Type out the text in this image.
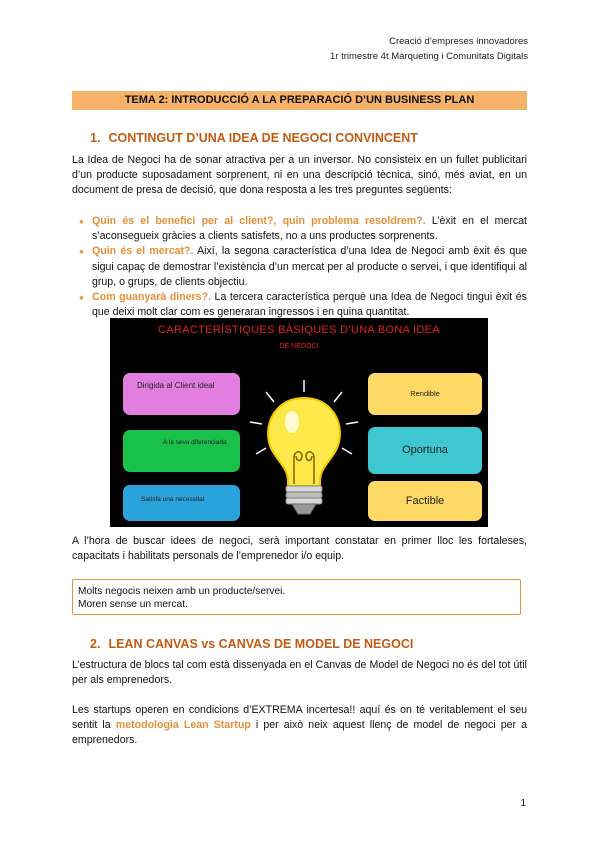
Creació d’empreses innovadores
1r trimestre 4t Màrqueting i Comunitats Digitals
TEMA 2: INTRODUCCIÓ A LA PREPARACIÓ D’UN BUSINESS PLAN
1. CONTINGUT D’UNA IDEA DE NEGOCI CONVINCENT
La Idea de Negoci ha de sonar atractiva per a un inversor. No consisteix en un fullet publicitari d’un producte suposadament sorprenent, ni en una descripció tècnica, sinó, més aviat, en un document de presa de decisió, que dona resposta a les tres preguntes següents:
● Quin és el benefici per al client?, quin problema resoldrem?. L’èxit en el mercat s’aconsegueix gràcies a clients satisfets, no a uns productes sorprenents.
● Quin és el mercat?. Així, la segona característica d’una Idea de Negoci amb èxit és que sigui capaç de demostrar l’existència d’un mercat per al producte o servei, i que identifiqui al grup, o grups, de clients objectiu.
● Com guanyarà diners?. La tercera característica perquè una Idea de Negoci tingui èxit és que deixi molt clar com es generaran ingressos i en quina quantitat.
CARACTERÍSTIQUES BÀSIQUES D’UNA BONA IDEA
DE NEGOCI
Dirigida al Client ideal
A la seva diferenciada
Satisfà una necessitat
Rendible
Oportuna
Factible
A l’hora de buscar idees de negoci, serà important constatar en primer lloc les fortaleses, capacitats i habilitats personals de l’emprenedor i/o equip.
Molts negocis neixen amb un producte/servei.
Moren sense un mercat.
2. LEAN CANVAS vs CANVAS DE MODEL DE NEGOCI
L’estructura de blocs tal com està dissenyada en el Canvas de Model de Negoci no és del tot útil per als emprenedors.
Les startups operen en condicions d’EXTREMA incertesa!! aquí és on té veritablement el seu sentit la metodologia Lean Startup i per això neix aquest llenç de model de negoci per a emprenedors.
1
